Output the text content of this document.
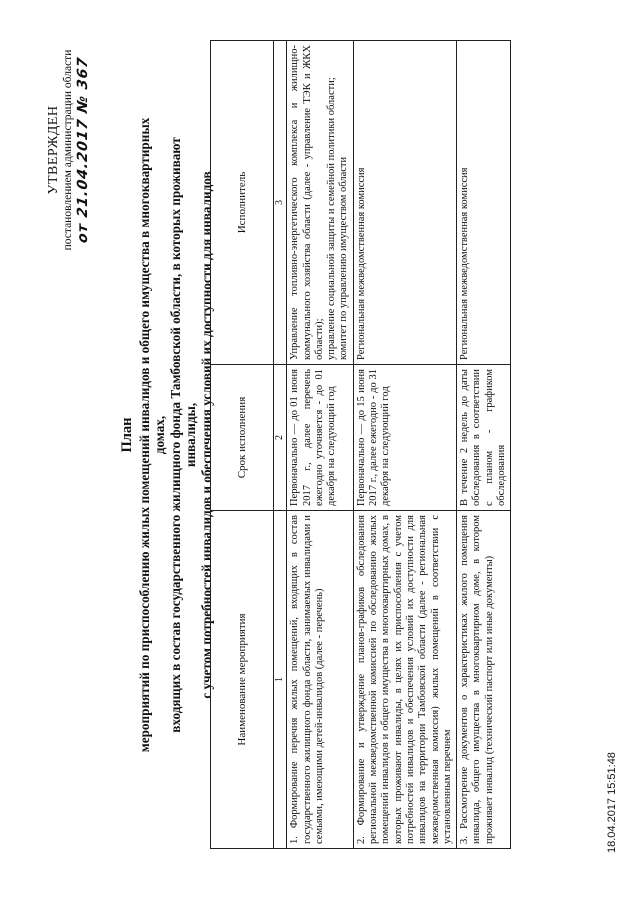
УТВЕРЖДЕН постановлением администрации области от 21.04.2017 № 367
План мероприятий по приспособлению жилых помещений инвалидов и общего имущества в многоквартирных домах, входящих в состав государственного жилищного фонда Тамбовской области, в которых проживают инвалиды, с учетом потребностей инвалидов и обеспечения условий их доступности для инвалидов Наименование мероприятия	Срок исполнения	Исполнитель
1	2	3
1. Формирование перечня жилых помещений, входящих в состав государственного жилищного фонда области, занимаемых инвалидами и семьями, имеющими детей-инвалидов (далее - перечень)	Первоначально — до 01 июня 2017 г., далее перечень ежегодно уточняется - до 01 декабря на следующий год	Управление топливно-энергетического комплекса и жилищно-коммунального хозяйства области (далее - управление ТЭК и ЖКХ области); управление социальной защиты и семейной политики области; комитет по управлению имуществом области

2. Формирование и утверждение планов-графиков обследования региональной межведомственной комиссией по обследованию жилых помещений инвалидов и общего имущества в многоквартирных домах, в которых проживают инвалиды, в целях их приспособления с учетом потребностей инвалидов и обеспечения условий их доступности для инвалидов на территории Тамбовской области (далее - региональная межведомственная комиссия) жилых помещений в соответствии с установленным перечнем	Первоначально — до 15 июня 2017 г., далее ежегодно - до 31 декабря на следующий год	Региональная межведомственная комиссия

3. Рассмотрение документов о характеристиках жилого помещения инвалида, общего имущества в многоквартирном доме, в котором проживает инвалид (технический паспорт или иные документы)	В течение 2 недель до даты обследования в соответствии с планом - графиком обследования	Региональная межведомственная комиссия

18.04.2017 15:51:48
